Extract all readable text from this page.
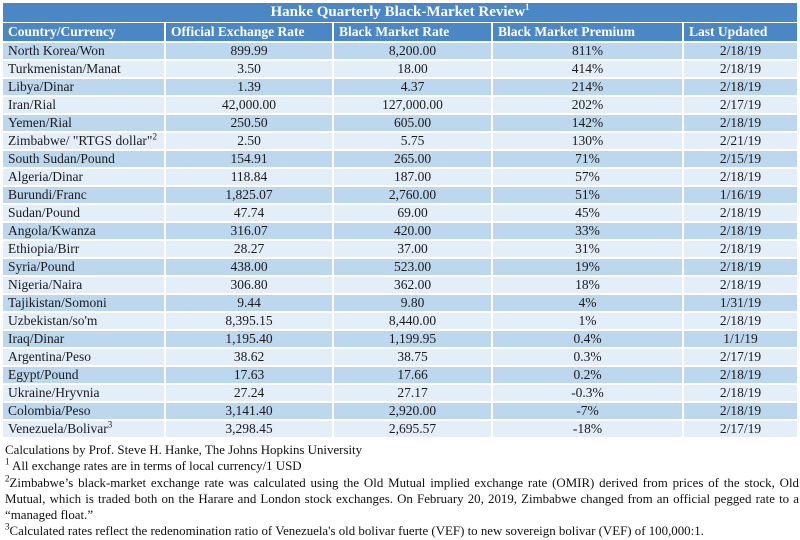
Hanke Quarterly Black-Market Review$^1$
Country/Currency	Official Exchange Rate	Black Market Rate	Black Market Premium	Last Updated
North Korea/Won	899.99	8,200.00	811%	2/18/19
Turkmenistan/Manat	3.50	18.00	414%	2/18/19
Libya/Dinar	1.39	4.37	214%	2/18/19
Iran/Rial	42,000.00	127,000.00	202%	2/17/19
Yemen/Rial	250.50	605.00	142%	2/18/19
Zimbabwe/ "RTGS dollar"$^2$	2.50	5.75	130%	2/21/19
South Sudan/Pound	154.91	265.00	71%	2/15/19
Algeria/Dinar	118.84	187.00	57%	2/18/19
Burundi/Franc	1,825.07	2,760.00	51%	1/16/19
Sudan/Pound	47.74	69.00	45%	2/18/19
Angola/Kwanza	316.07	420.00	33%	2/18/19
Ethiopia/Birr	28.27	37.00	31%	2/18/19
Syria/Pound	438.00	523.00	19%	2/18/19
Nigeria/Naira	306.80	362.00	18%	2/18/19
Tajikistan/Somoni	9.44	9.80	4%	1/31/19
Uzbekistan/so'm	8,395.15	8,440.00	1%	2/18/19
Iraq/Dinar	1,195.40	1,199.95	0.4%	1/1/19
Argentina/Peso	38.62	38.75	0.3%	2/17/19
Egypt/Pound	17.63	17.66	0.2%	2/18/19
Ukraine/Hryvnia	27.24	27.17	-0.3%	2/18/19
Colombia/Peso	3,141.40	2,920.00	-7%	2/18/19
Venezuela/Bolivar$^3$	3,298.45	2,695.57	-18%	2/17/19

Calculations by Prof. Steve H. Hanke, The Johns Hopkins University

$^1$ All exchange rates are in terms of local currency/1 USD

$^2$Zimbabwe’s black-market exchange rate was calculated using the Old Mutual implied exchange rate (OMIR) derived from prices of the stock, Old Mutual, which is traded both on the Harare and London stock exchanges. On February 20, 2019, Zimbabwe changed from an official pegged rate to a “managed float.”

$^3$Calculated rates reflect the redenomination ratio of Venezuela's old bolivar fuerte (VEF) to new sovereign bolivar (VEF) of 100,000:1.
